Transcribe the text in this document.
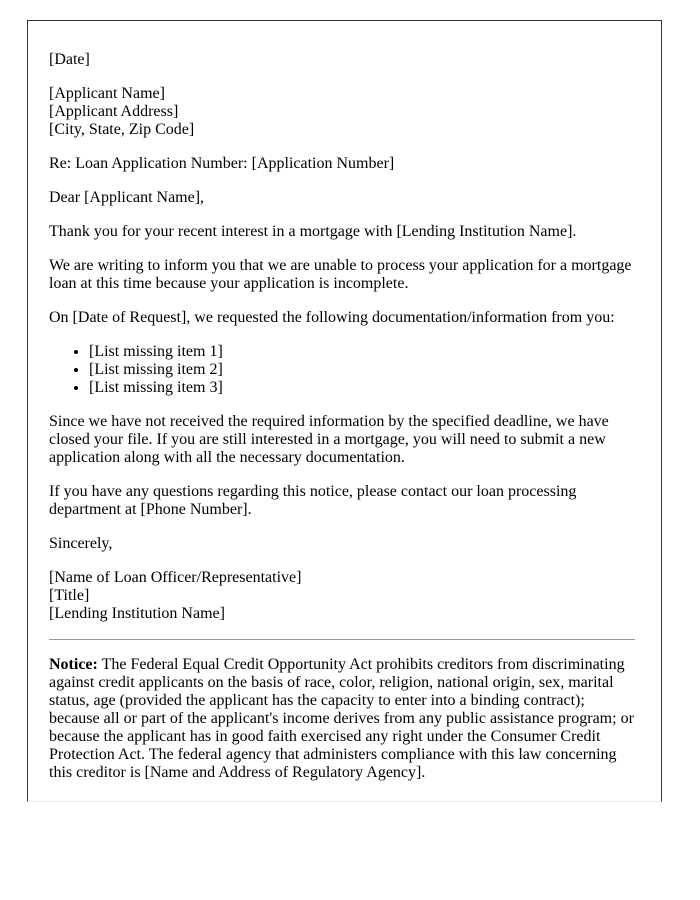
[Date]

[Applicant Name]
[Applicant Address]
[City, State, Zip Code]

Re: Loan Application Number: [Application Number]

Dear [Applicant Name],

Thank you for your recent interest in a mortgage with [Lending Institution Name].

We are writing to inform you that we are unable to process your application for a mortgage loan at this time because your application is incomplete.

On [Date of Request], we requested the following documentation/information from you:

• [List missing item 1]
• [List missing item 2]
• [List missing item 3]

Since we have not received the required information by the specified deadline, we have closed your file. If you are still interested in a mortgage, you will need to submit a new application along with all the necessary documentation.

If you have any questions regarding this notice, please contact our loan processing department at [Phone Number].

Sincerely,

[Name of Loan Officer/Representative]
[Title]
[Lending Institution Name]

Notice: The Federal Equal Credit Opportunity Act prohibits creditors from discriminating against credit applicants on the basis of race, color, religion, national origin, sex, marital status, age (provided the applicant has the capacity to enter into a binding contract); because all or part of the applicant's income derives from any public assistance program; or because the applicant has in good faith exercised any right under the Consumer Credit Protection Act. The federal agency that administers compliance with this law concerning this creditor is [Name and Address of Regulatory Agency].
